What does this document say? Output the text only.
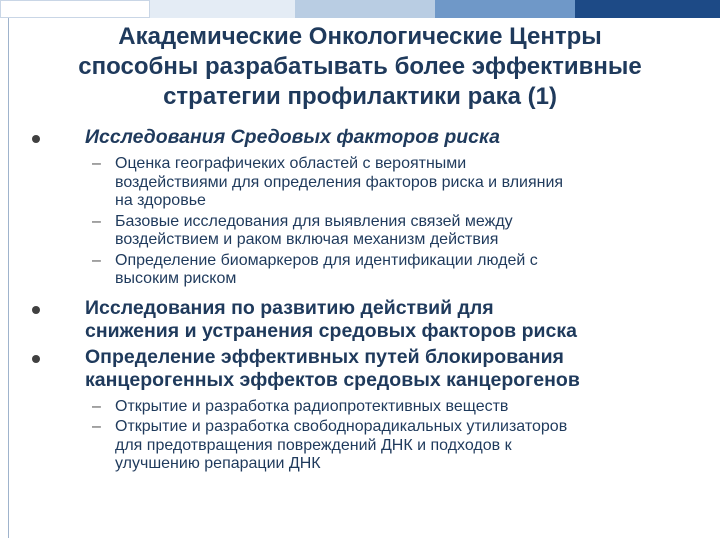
Академические Онкологические Центры
способны разрабатывать более эффективные
стратегии профилактики рака (1)
Исследования Средовых факторов риска
– Оценка географичеких областей с вероятными
воздействиями для определения факторов риска и влияния
на здоровье
– Базовые исследования для выявления связей между
воздействием и раком включая механизм действия
– Определение биомаркеров для идентификации людей с
высоким риском
Исследования по развитию действий для
снижения и устранения средовых факторов риска
Определение эффективных путей блокирования
канцерогенных эффектов средовых канцерогенов
– Открытие и разработка радиопротективных веществ
– Открытие и разработка свободнорадикальных утилизаторов
для предотвращения повреждений ДНК и подходов к
улучшению репарации ДНК
